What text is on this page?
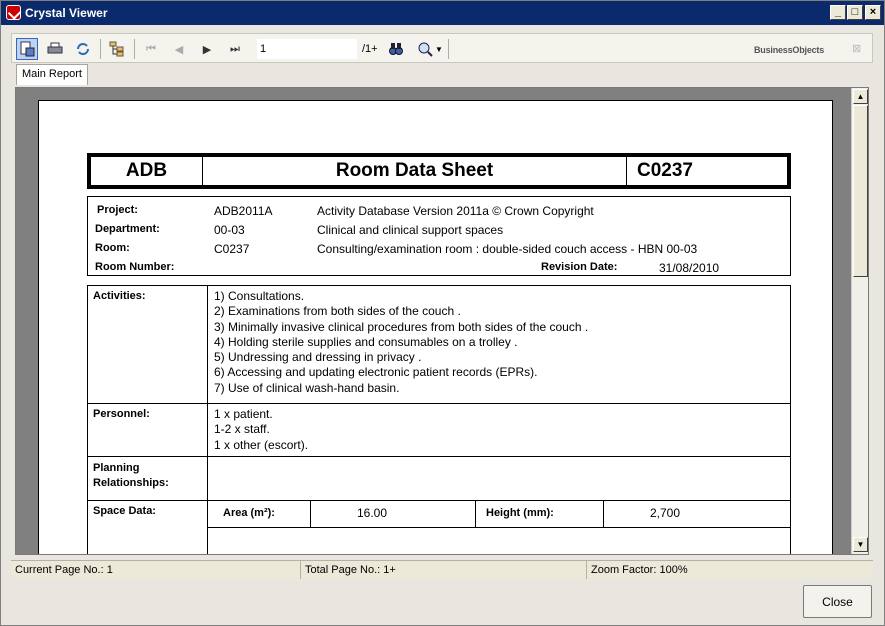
Crystal Viewer	_ □	×
⏮	◀	▶	⏭
1	/1+	▼	BusinessObjects	⊠
Main Report
ADB	Room Data Sheet	C0237
Project:	ADB2011A	Activity Database Version 2011a © Crown Copyright
Department:	00-03	Clinical and clinical support spaces
Room:	C0237	Consulting/examination room : double-sided couch access - HBN 00-03
Room Number:	Revision Date:	31/08/2010
Activities:	1) Consultations.
2) Examinations from both sides of the couch .
3) Minimally invasive clinical procedures from both sides of the couch .
4) Holding sterile supplies and consumables on a trolley .
5) Undressing and dressing in privacy .
6) Accessing and updating electronic patient records (EPRs).
7) Use of clinical wash-hand basin.
Personnel:	1 x patient.
1-2 x staff.
1 x other (escort).
Planning
Relationships:
Space Data:	Area (m²):	16.00	Height (mm):	2,700
▲
▼
Current Page No.: 1	Total Page No.: 1+	Zoom Factor: 100%
Close
